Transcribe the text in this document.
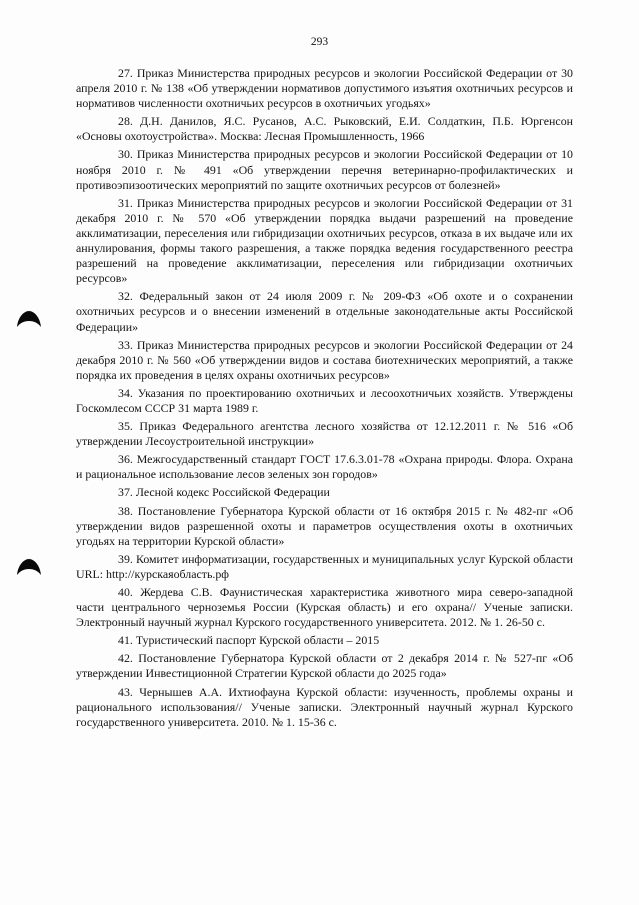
293

27. Приказ Министерства природных ресурсов и экологии Российской Федерации от 30 апреля 2010 г. № 138 «Об утверждении нормативов допустимого изъятия охотничьих ресурсов и нормативов численности охотничьих ресурсов в охотничьих угодьях»

28. Д.Н. Данилов, Я.С. Русанов, А.С. Рыковский, Е.И. Солдаткин, П.Б. Юргенсон «Основы охотоустройства». Москва: Лесная Промышленность, 1966

30. Приказ Министерства природных ресурсов и экологии Российской Федерации от 10 ноября 2010 г. № 491 «Об утверждении перечня ветеринарно-профилактических и противоэпизоотических мероприятий по защите охотничьих ресурсов от болезней»

31. Приказ Министерства природных ресурсов и экологии Российской Федерации от 31 декабря 2010 г. № 570 «Об утверждении порядка выдачи разрешений на проведение акклиматизации, переселения или гибридизации охотничьих ресурсов, отказа в их выдаче или их аннулирования, формы такого разрешения, а также порядка ведения государственного реестра разрешений на проведение акклиматизации, переселения или гибридизации охотничьих ресурсов»

32. Федеральный закон от 24 июля 2009 г. № 209-ФЗ «Об охоте и о сохранении охотничьих ресурсов и о внесении изменений в отдельные законодательные акты Российской Федерации»

33. Приказ Министерства природных ресурсов и экологии Российской Федерации от 24 декабря 2010 г. № 560 «Об утверждении видов и состава биотехнических мероприятий, а также порядка их проведения в целях охраны охотничьих ресурсов»

34. Указания по проектированию охотничьих и лесоохотничьих хозяйств. Утверждены Госкомлесом СССР 31 марта 1989 г.

35. Приказ Федерального агентства лесного хозяйства от 12.12.2011 г. № 516 «Об утверждении Лесоустроительной инструкции»

36. Межгосударственный стандарт ГОСТ 17.6.3.01-78 «Охрана природы. Флора. Охрана и рациональное использование лесов зеленых зон городов»

37. Лесной кодекс Российской Федерации

38. Постановление Губернатора Курской области от 16 октября 2015 г. № 482-пг «Об утверждении видов разрешенной охоты и параметров осуществления охоты в охотничьих угодьях на территории Курской области»

39. Комитет информатизации, государственных и муниципальных услуг Курской области URL: http://курскаяобласть.рф

40. Жердева С.В. Фаунистическая характеристика животного мира северо-западной части центрального черноземья России (Курская область) и его охрана// Ученые записки. Электронный научный журнал Курского государственного университета. 2012. № 1. 26-50 с.

41. Туристический паспорт Курской области – 2015

42. Постановление Губернатора Курской области от 2 декабря 2014 г. № 527-пг «Об утверждении Инвестиционной Стратегии Курской области до 2025 года»

43. Чернышев А.А. Ихтиофауна Курской области: изученность, проблемы охраны и рационального использования// Ученые записки. Электронный научный журнал Курского государственного университета. 2010. № 1. 15-36 с.
